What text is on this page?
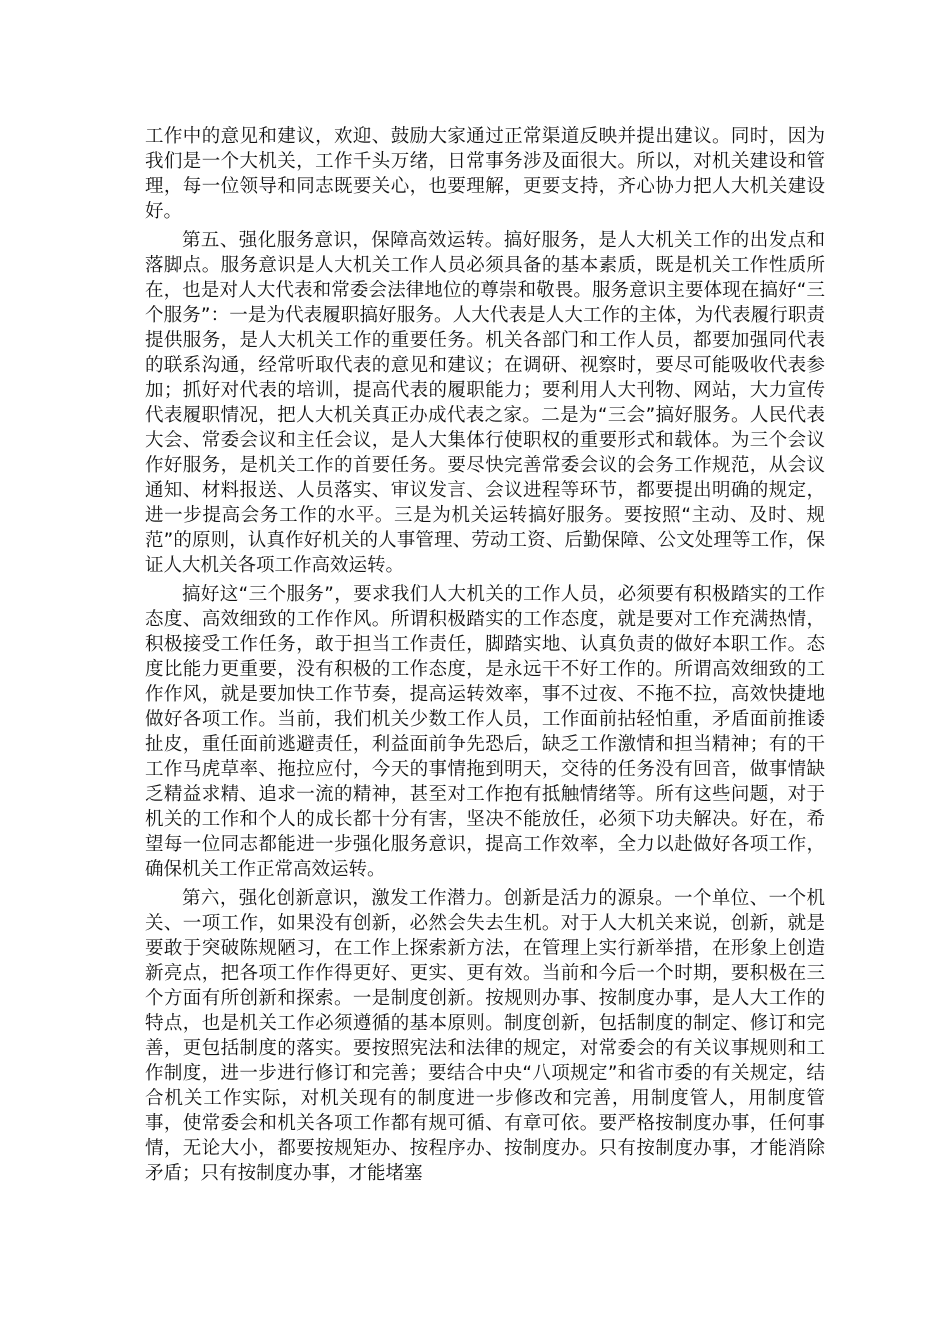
工作中的意见和建议，欢迎、鼓励大家通过正常渠道反映并提出建议。同时，因为我们是一个大机关，工作千头万绪，日常事务涉及面很大。所以，对机关建设和管理，每一位领导和同志既要关心，也要理解，更要支持，齐心协力把人大机关建设好。

第五、强化服务意识，保障高效运转。搞好服务，是人大机关工作的出发点和落脚点。服务意识是人大机关工作人员必须具备的基本素质，既是机关工作性质所在，也是对人大代表和常委会法律地位的尊崇和敬畏。服务意识主要体现在搞好“三个服务”：一是为代表履职搞好服务。人大代表是人大工作的主体，为代表履行职责提供服务，是人大机关工作的重要任务。机关各部门和工作人员，都要加强同代表的联系沟通，经常听取代表的意见和建议；在调研、视察时，要尽可能吸收代表参加；抓好对代表的培训，提高代表的履职能力；要利用人大刊物、网站，大力宣传代表履职情况，把人大机关真正办成代表之家。二是为“三会”搞好服务。人民代表大会、常委会议和主任会议，是人大集体行使职权的重要形式和载体。为三个会议作好服务，是机关工作的首要任务。要尽快完善常委会议的会务工作规范，从会议通知、材料报送、人员落实、审议发言、会议进程等环节，都要提出明确的规定，进一步提高会务工作的水平。三是为机关运转搞好服务。要按照“主动、及时、规范”的原则，认真作好机关的人事管理、劳动工资、后勤保障、公文处理等工作，保证人大机关各项工作高效运转。

搞好这“三个服务”，要求我们人大机关的工作人员，必须要有积极踏实的工作态度、高效细致的工作作风。所谓积极踏实的工作态度，就是要对工作充满热情，积极接受工作任务，敢于担当工作责任，脚踏实地、认真负责的做好本职工作。态度比能力更重要，没有积极的工作态度，是永远干不好工作的。所谓高效细致的工作作风，就是要加快工作节奏，提高运转效率，事不过夜、不拖不拉，高效快捷地做好各项工作。当前，我们机关少数工作人员，工作面前拈轻怕重，矛盾面前推诿扯皮，重任面前逃避责任，利益面前争先恐后，缺乏工作激情和担当精神；有的干工作马虎草率、拖拉应付，今天的事情拖到明天，交待的任务没有回音，做事情缺乏精益求精、追求一流的精神，甚至对工作抱有抵触情绪等。所有这些问题，对于机关的工作和个人的成长都十分有害，坚决不能放任，必须下功夫解决。好在，希望每一位同志都能进一步强化服务意识，提高工作效率，全力以赴做好各项工作，确保机关工作正常高效运转。

第六，强化创新意识，激发工作潜力。创新是活力的源泉。一个单位、一个机关、一项工作，如果没有创新，必然会失去生机。对于人大机关来说，创新，就是要敢于突破陈规陋习，在工作上探索新方法，在管理上实行新举措，在形象上创造新亮点，把各项工作作得更好、更实、更有效。当前和今后一个时期，要积极在三个方面有所创新和探索。一是制度创新。按规则办事、按制度办事，是人大工作的特点，也是机关工作必须遵循的基本原则。制度创新，包括制度的制定、修订和完善，更包括制度的落实。要按照宪法和法律的规定，对常委会的有关议事规则和工作制度，进一步进行修订和完善；要结合中央“八项规定”和省市委的有关规定，结合机关工作实际，对机关现有的制度进一步修改和完善，用制度管人，用制度管事，使常委会和机关各项工作都有规可循、有章可依。要严格按制度办事，任何事情，无论大小，都要按规矩办、按程序办、按制度办。只有按制度办事，才能消除矛盾；只有按制度办事，才能堵塞
